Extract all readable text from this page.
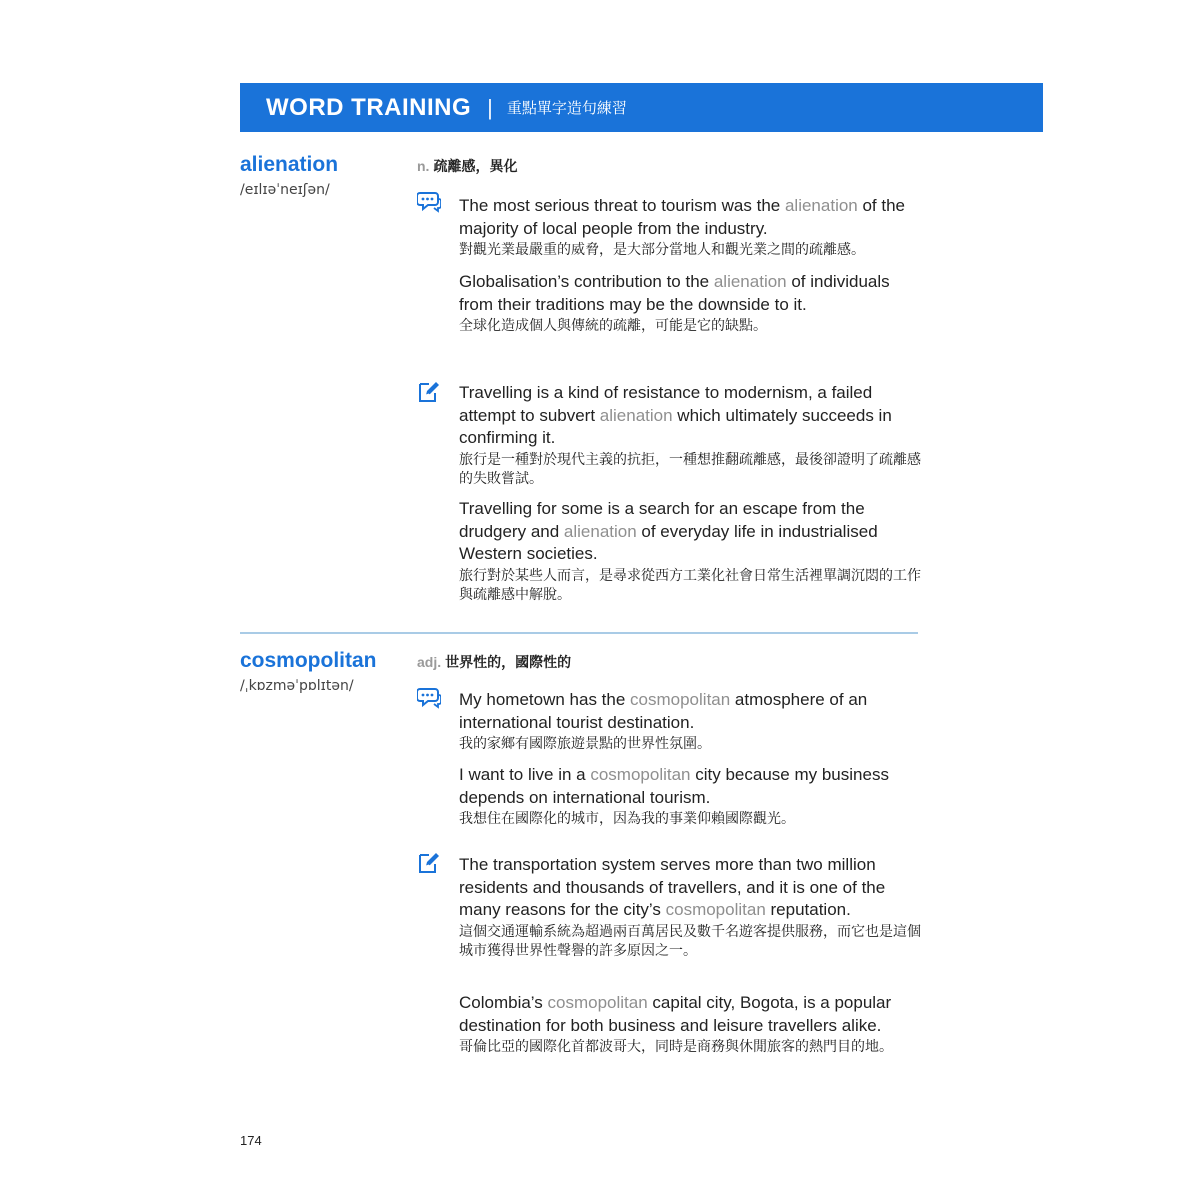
WORD TRAINING | 重點單字造句練習
alienation
/eɪlɪəˈneɪʃən/
n. 疏離感，異化
The most serious threat to tourism was the alienation of the majority of local people from the industry.
對觀光業最嚴重的威脅，是大部分當地人和觀光業之間的疏離感。
Globalisation’s contribution to the alienation of individuals from their traditions may be the downside to it.
全球化造成個人與傳統的疏離，可能是它的缺點。
Travelling is a kind of resistance to modernism, a failed attempt to subvert alienation which ultimately succeeds in confirming it.
旅行是一種對於現代主義的抗拒，一種想推翻疏離感，最後卻證明了疏離感的失敗嘗試。
Travelling for some is a search for an escape from the drudgery and alienation of everyday life in industrialised Western societies.
旅行對於某些人而言，是尋求從西方工業化社會日常生活裡單調沉悶的工作與疏離感中解脫。
cosmopolitan
/ˌkɒzməˈpɒlɪtən/
adj. 世界性的，國際性的
My hometown has the cosmopolitan atmosphere of an international tourist destination.
我的家鄉有國際旅遊景點的世界性氛圍。
I want to live in a cosmopolitan city because my business depends on international tourism.
我想住在國際化的城市，因為我的事業仰賴國際觀光。
The transportation system serves more than two million residents and thousands of travellers, and it is one of the many reasons for the city’s cosmopolitan reputation.
這個交通運輸系統為超過兩百萬居民及數千名遊客提供服務，而它也是這個城市獲得世界性聲譽的許多原因之一。
Colombia’s cosmopolitan capital city, Bogota, is a popular destination for both business and leisure travellers alike.
哥倫比亞的國際化首都波哥大，同時是商務與休閒旅客的熱門目的地。
174
